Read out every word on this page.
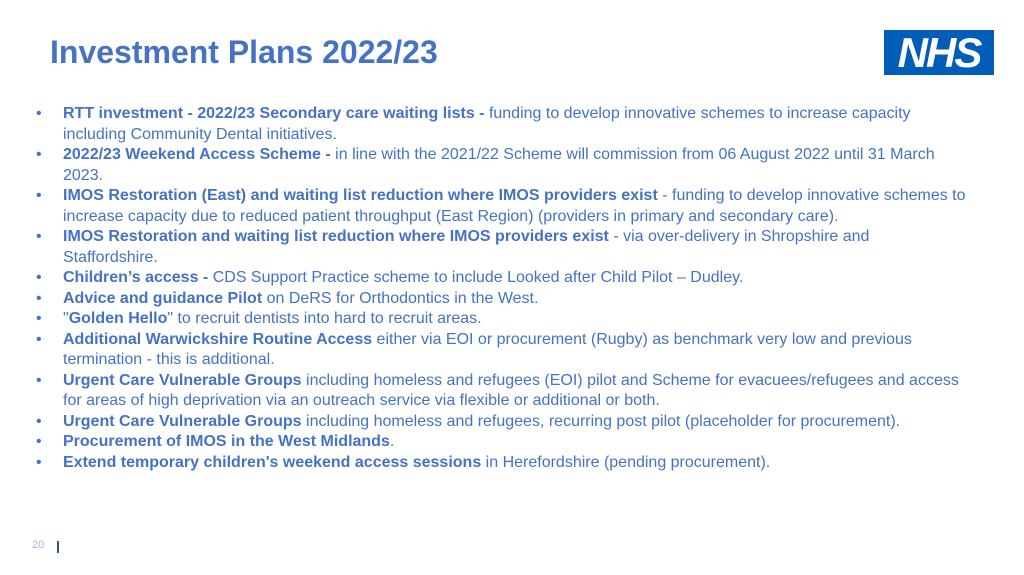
Investment Plans 2022/23	NHS
•	RTT investment - 2022/23 Secondary care waiting lists - funding to develop innovative schemes to increase capacity including Community Dental initiatives.
•	2022/23 Weekend Access Scheme - in line with the 2021/22 Scheme will commission from 06 August 2022 until 31 March 2023.
•	IMOS Restoration (East) and waiting list reduction where IMOS providers exist - funding to develop innovative schemes to increase capacity due to reduced patient throughput (East Region) (providers in primary and secondary care).
•	IMOS Restoration and waiting list reduction where IMOS providers exist - via over-delivery in Shropshire and Staffordshire.
•	Children’s access - CDS Support Practice scheme to include Looked after Child Pilot – Dudley.
•	Advice and guidance Pilot on DeRS for Orthodontics in the West.
•	"Golden Hello" to recruit dentists into hard to recruit areas.
•	Additional Warwickshire Routine Access either via EOI or procurement (Rugby) as benchmark very low and previous termination - this is additional.
•	Urgent Care Vulnerable Groups including homeless and refugees (EOI) pilot and Scheme for evacuees/refugees and access for areas of high deprivation via an outreach service via flexible or additional or both.
•	Urgent Care Vulnerable Groups including homeless and refugees, recurring post pilot (placeholder for procurement).
•	Procurement of IMOS in the West Midlands.
•	Extend temporary children's weekend access sessions in Herefordshire (pending procurement).
20
